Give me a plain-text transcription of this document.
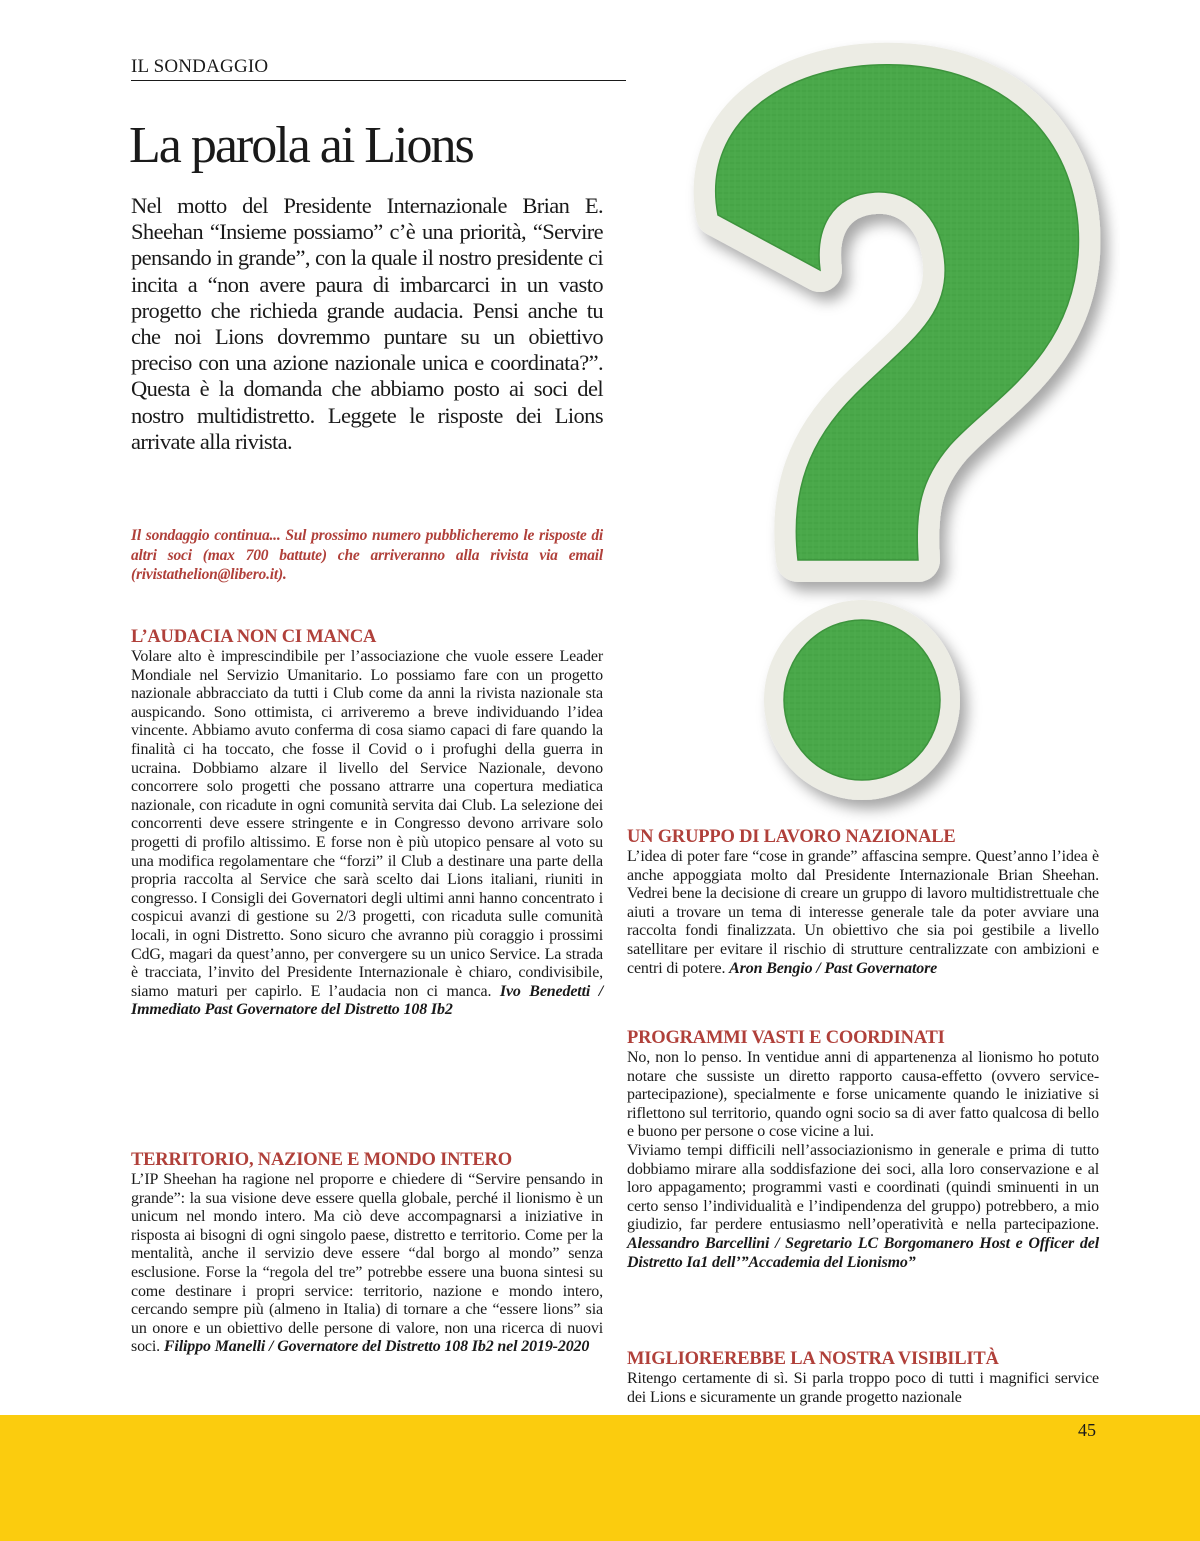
IL SONDAGGIO
La parola ai Lions

Nel motto del Presidente Internazionale Brian E. Sheehan “Insieme possiamo” c’è una priorità, “Servire pensando in grande”, con la quale il nostro presidente ci incita a “non avere paura di imbarcarci in un vasto progetto che richieda grande audacia. Pensi anche tu che noi Lions dovremmo puntare su un obiettivo preciso con una azione nazionale unica e coordinata?”. Questa è la domanda che abbiamo posto ai soci del nostro multidistretto. Leggete le risposte dei Lions arrivate alla rivista.

Il sondaggio continua... Sul prossimo numero pubblicheremo le risposte di altri soci (max 700 battute) che arriveranno alla rivista via email (rivistathelion@libero.it).

L’AUDACIA NON CI MANCA

Volare alto è imprescindibile per l’associazione che vuole essere Leader Mondiale nel Servizio Umanitario. Lo possiamo fare con un progetto nazionale abbracciato da tutti i Club come da anni la rivista nazionale sta auspicando. Sono ottimista, ci arriveremo a breve individuando l’idea vincente. Abbiamo avuto conferma di cosa siamo capaci di fare quando la finalità ci ha toccato, che fosse il Covid o i profughi della guerra in ucraina. Dobbiamo alzare il livello del Service Nazionale, devono concorrere solo progetti che possano attrarre una copertura mediatica nazionale, con ricadute in ogni comunità servita dai Club. La selezione dei concorrenti deve essere stringente e in Congresso devono arrivare solo progetti di profilo altissimo. E forse non è più utopico pensare al voto su una modifica regolamentare che “forzi” il Club a destinare una parte della propria raccolta al Service che sarà scelto dai Lions italiani, riuniti in congresso. I Consigli dei Governatori degli ultimi anni hanno concentrato i cospicui avanzi di gestione su 2/3 progetti, con ricaduta sulle comunità locali, in ogni Distretto. Sono sicuro che avranno più coraggio i prossimi CdG, magari da quest’anno, per convergere su un unico Service. La strada è tracciata, l’invito del Presidente Internazionale è chiaro, condivisibile, siamo maturi per capirlo. E l’audacia non ci manca. Ivo Benedetti / Immediato Past Governatore del Distretto 108 Ib2

TERRITORIO, NAZIONE E MONDO INTERO

L’IP Sheehan ha ragione nel proporre e chiedere di “Servire pensando in grande”: la sua visione deve essere quella globale, perché il lionismo è un unicum nel mondo intero. Ma ciò deve accompagnarsi a iniziative in risposta ai bisogni di ogni singolo paese, distretto e territorio. Come per la mentalità, anche il servizio deve essere “dal borgo al mondo” senza esclusione. Forse la “regola del tre” potrebbe essere una buona sintesi su come destinare i propri service: territorio, nazione e mondo intero, cercando sempre più (almeno in Italia) di tornare a che “essere lions” sia un onore e un obiettivo delle persone di valore, non una ricerca di nuovi soci. Filippo Manelli / Governatore del Distretto 108 Ib2 nel 2019-2020

UN GRUPPO DI LAVORO NAZIONALE

L’idea di poter fare “cose in grande” affascina sempre. Quest’anno l’idea è anche appoggiata molto dal Presidente Internazionale Brian Sheehan. Vedrei bene la decisione di creare un gruppo di lavoro multidistrettuale che aiuti a trovare un tema di interesse generale tale da poter avviare una raccolta fondi finalizzata. Un obiettivo che sia poi gestibile a livello satellitare per evitare il rischio di strutture centralizzate con ambizioni e centri di potere. Aron Bengio / Past Governatore

PROGRAMMI VASTI E COORDINATI

No, non lo penso. In ventidue anni di appartenenza al lionismo ho potuto notare che sussiste un diretto rapporto causa-effetto (ovvero service-partecipazione), specialmente e forse unicamente quando le iniziative si riflettono sul territorio, quando ogni socio sa di aver fatto qualcosa di bello e buono per persone o cose vicine a lui.

Viviamo tempi difficili nell’associazionismo in generale e prima di tutto dobbiamo mirare alla soddisfazione dei soci, alla loro conservazione e al loro appagamento; programmi vasti e coordinati (quindi sminuenti in un certo senso l’individualità e l’indipendenza del gruppo) potrebbero, a mio giudizio, far perdere entusiasmo nell’operatività e nella partecipazione. Alessandro Barcellini / Segretario LC Borgomanero Host e Officer del Distretto Ia1 dell’”Accademia del Lionismo”

MIGLIOREREBBE LA NOSTRA VISIBILITÀ

Ritengo certamente di sì. Si parla troppo poco di tutti i magnifici service dei Lions e sicuramente un grande progetto nazionale

45
